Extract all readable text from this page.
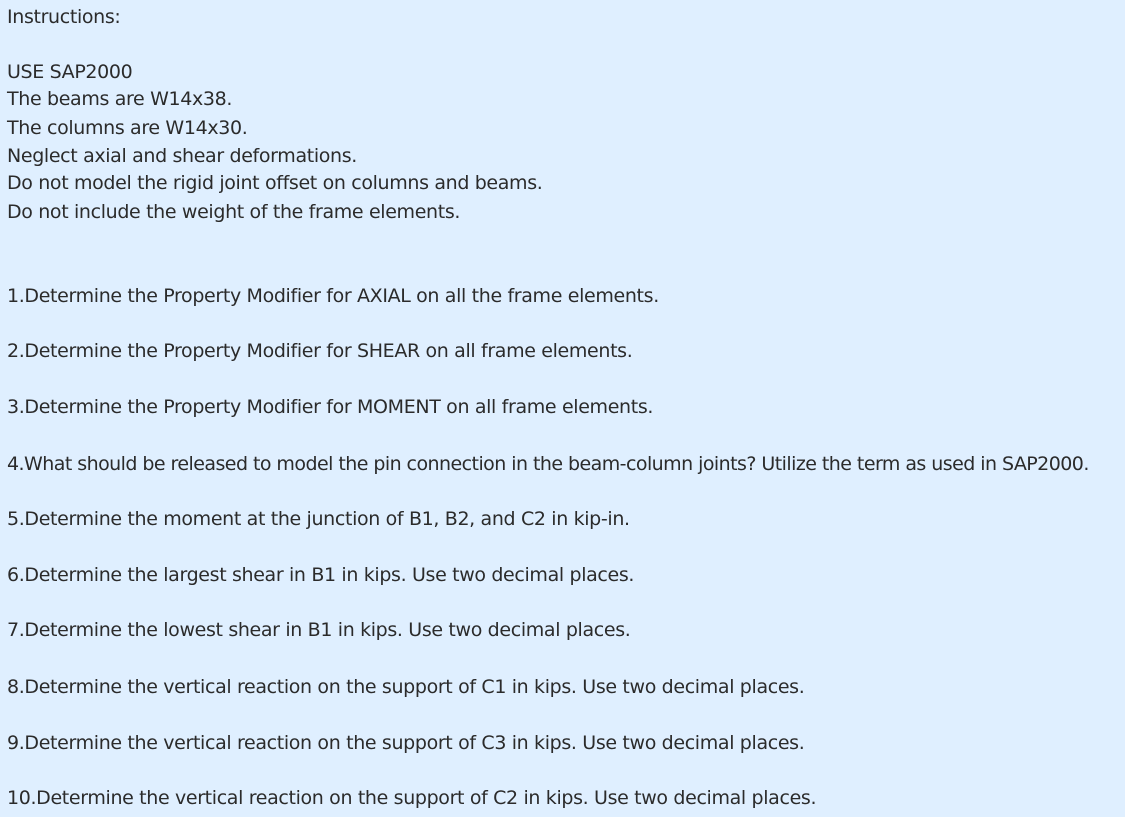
Instructions:
USE SAP2000
The beams are W14x38.
The columns are W14x30.
Neglect axial and shear deformations.
Do not model the rigid joint offset on columns and beams.
Do not include the weight of the frame elements.
1.Determine the Property Modifier for AXIAL on all the frame elements.
2.Determine the Property Modifier for SHEAR on all frame elements.
3.Determine the Property Modifier for MOMENT on all frame elements.
4.What should be released to model the pin connection in the beam-column joints? Utilize the term as used in SAP2000.
5.Determine the moment at the junction of B1, B2, and C2 in kip-in.
6.Determine the largest shear in B1 in kips. Use two decimal places.
7.Determine the lowest shear in B1 in kips. Use two decimal places.
8.Determine the vertical reaction on the support of C1 in kips. Use two decimal places.
9.Determine the vertical reaction on the support of C3 in kips. Use two decimal places.
10.Determine the vertical reaction on the support of C2 in kips. Use two decimal places.
